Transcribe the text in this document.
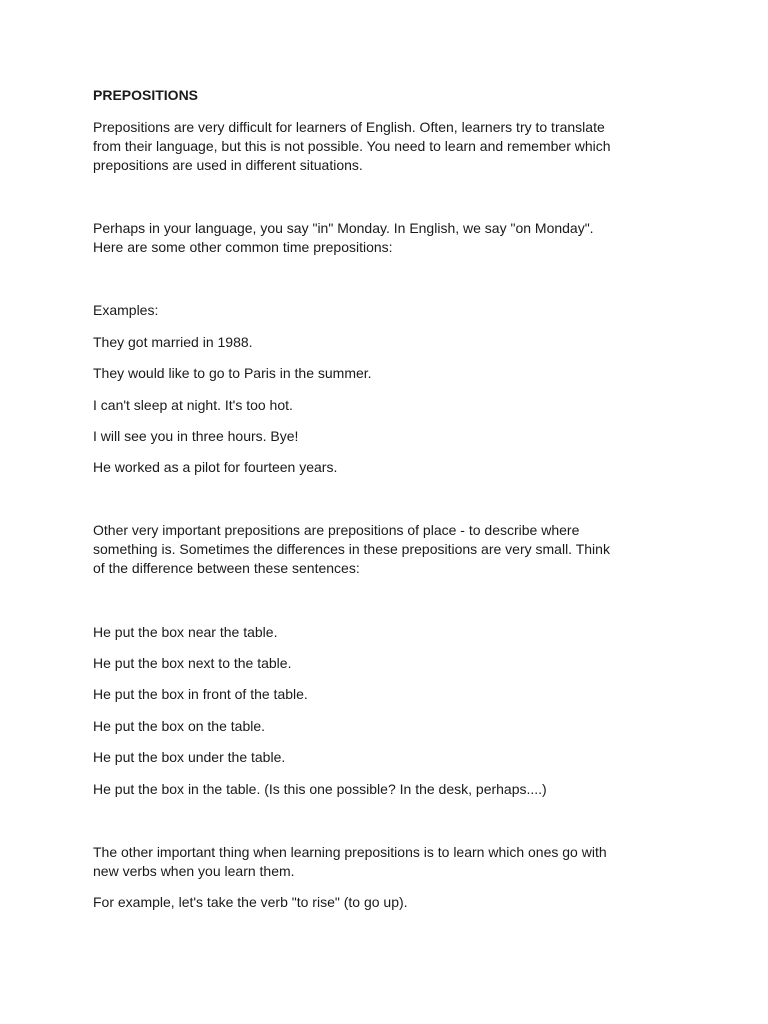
PREPOSITIONS

Prepositions are very difficult for learners of English. Often, learners try to translate

from their language, but this is not possible. You need to learn and remember which

prepositions are used in different situations.

Perhaps in your language, you say "in" Monday. In English, we say "on Monday".

Here are some other common time prepositions:

Examples:

They got married in 1988.

They would like to go to Paris in the summer.

I can't sleep at night. It's too hot.

I will see you in three hours. Bye!

He worked as a pilot for fourteen years.

Other very important prepositions are prepositions of place - to describe where

something is. Sometimes the differences in these prepositions are very small. Think

of the difference between these sentences:

He put the box near the table.

He put the box next to the table.

He put the box in front of the table.

He put the box on the table.

He put the box under the table.

He put the box in the table. (Is this one possible? In the desk, perhaps....)

The other important thing when learning prepositions is to learn which ones go with

new verbs when you learn them.

For example, let's take the verb "to rise" (to go up).
